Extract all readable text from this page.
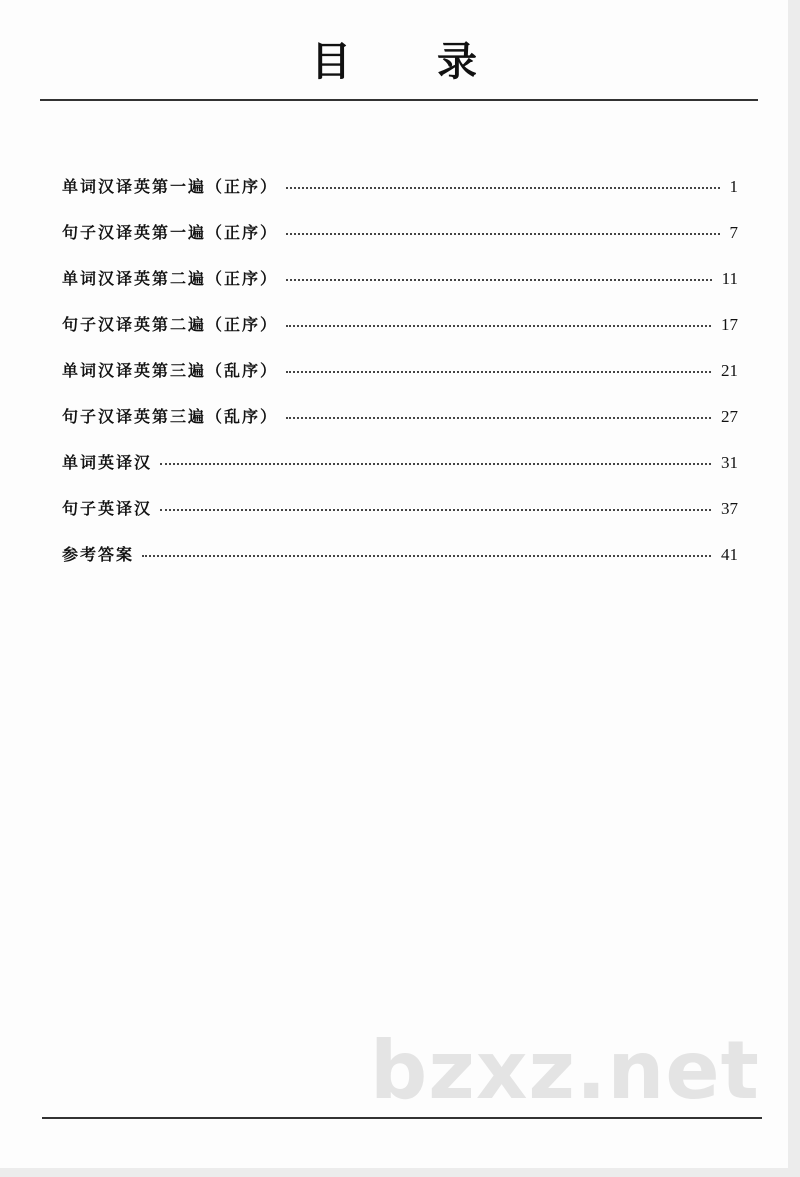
目 录
单词汉译英第一遍（正序）	1
句子汉译英第一遍（正序）	7
单词汉译英第二遍（正序）	11
句子汉译英第二遍（正序）	17
单词汉译英第三遍（乱序）	21
句子汉译英第三遍（乱序）	27
单词英译汉	31
句子英译汉	37
参考答案	41
bzxz.net
